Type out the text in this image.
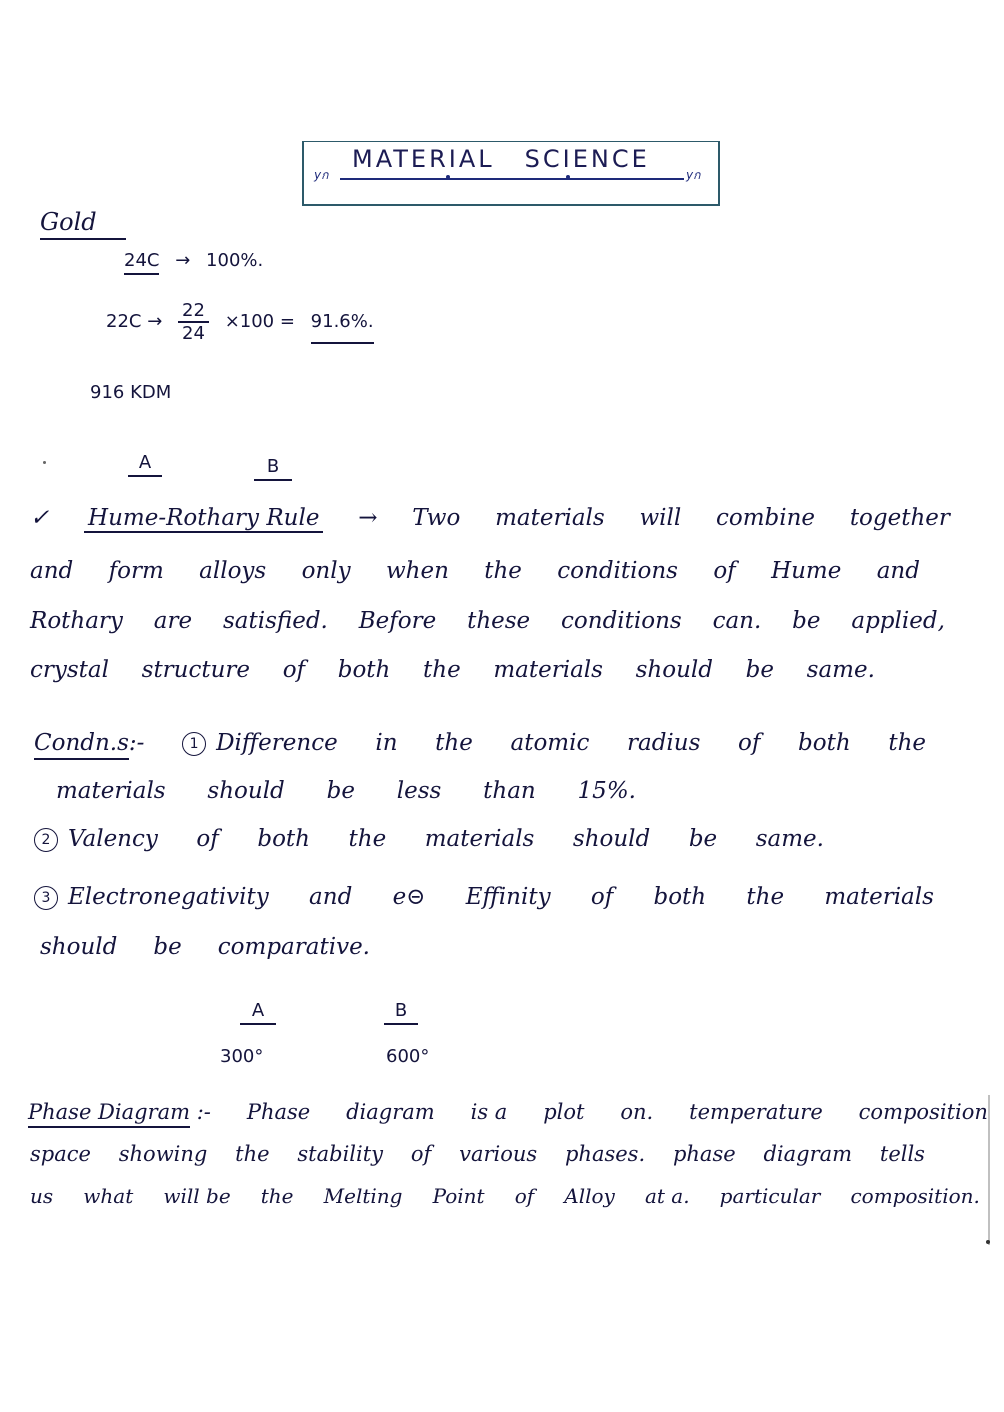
MATERIAL SCIENCE
yก	yก
Gold
24C → 100%.
$22C \to \frac{22}{24} \times 100 = 91.6\%$.
916 KDM
A	B
✓ Hume-Rothary Rule → Two materials will combine together
and form alloys only when the conditions of Hume and
Rothary are satisfied. Before these conditions can. be applied,
crystal structure of both the materials should be same.
Condn.s:-	1 Difference in the atomic radius of both the
materials should be less than 15%.
2 Valency of both the materials should be same.
3 Electronegativity and e⊝ Effinity of both the materials
should be comparative.
A	B
300°	600°
Phase Diagram :- Phase diagram is a plot on. temperature composition
space showing the stability of various phases. phase diagram tells
us what will be the Melting Point of Alloy at a. particular composition.
